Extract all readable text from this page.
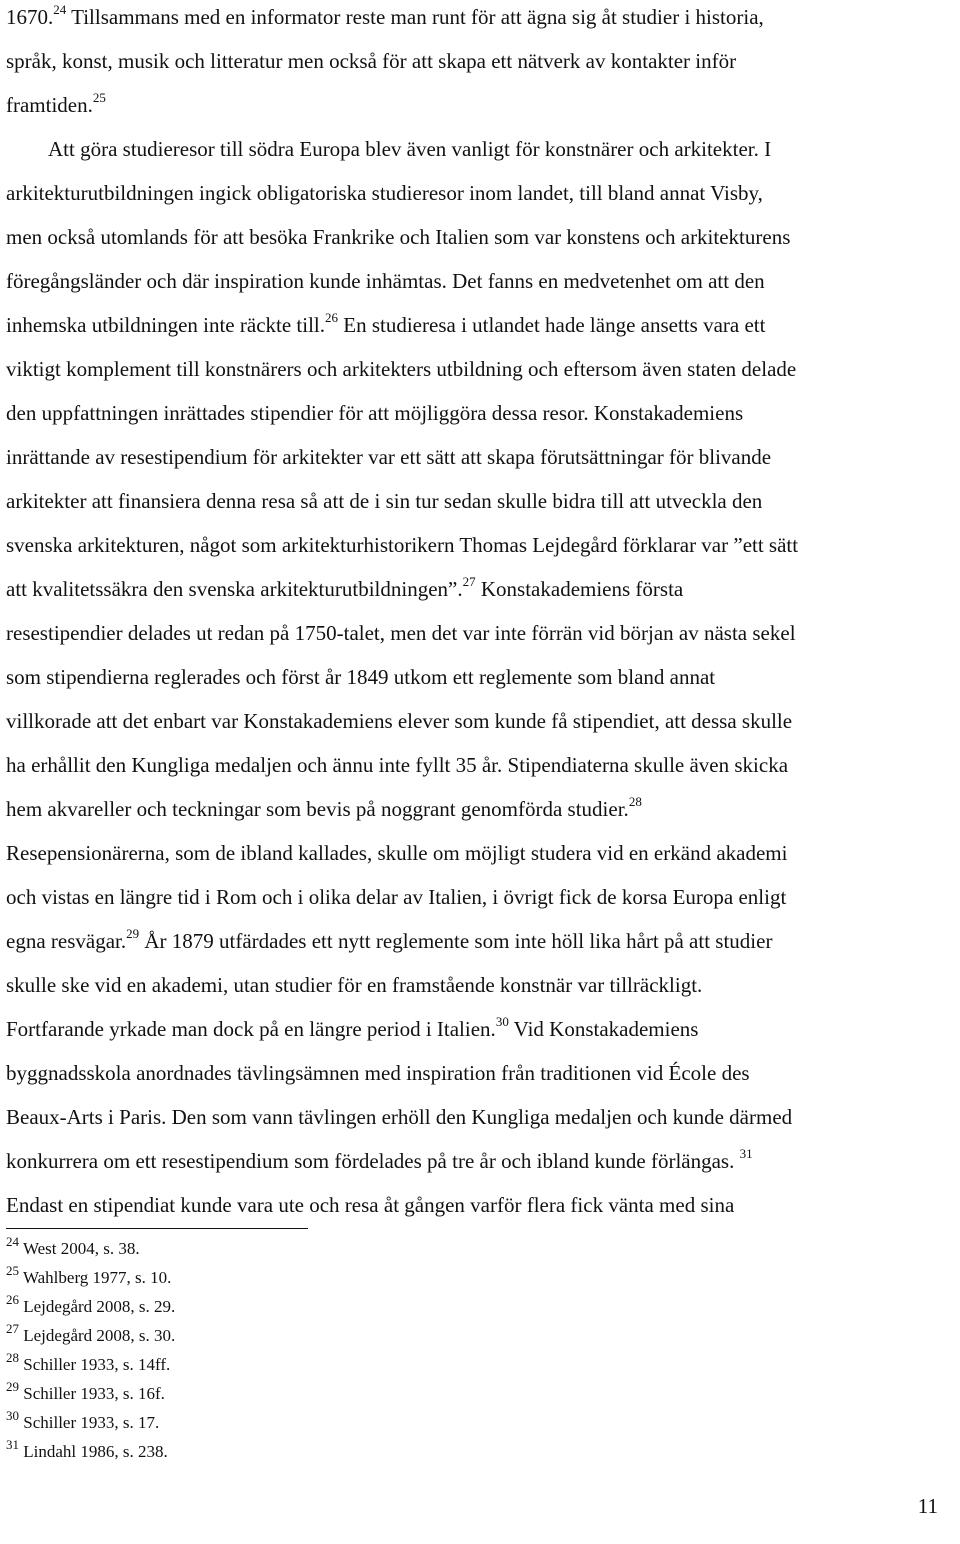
1670.24 Tillsammans med en informator reste man runt för att ägna sig åt studier i historia,
språk, konst, musik och litteratur men också för att skapa ett nätverk av kontakter inför
framtiden.$^{25}$
Att göra studieresor till södra Europa blev även vanligt för konstnärer och arkitekter. I
arkitekturutbildningen ingick obligatoriska studieresor inom landet, till bland annat Visby,
men också utomlands för att besöka Frankrike och Italien som var konstens och arkitekturens
föregångsländer och där inspiration kunde inhämtas. Det fanns en medvetenhet om att den
inhemska utbildningen inte räckte till.$^{26}$ En studieresa i utlandet hade länge ansetts vara ett
viktigt komplement till konstnärers och arkitekters utbildning och eftersom även staten delade
den uppfattningen inrättades stipendier för att möjliggöra dessa resor. Konstakademiens
inrättande av resestipendium för arkitekter var ett sätt att skapa förutsättningar för blivande
arkitekter att finansiera denna resa så att de i sin tur sedan skulle bidra till att utveckla den
svenska arkitekturen, något som arkitekturhistorikern Thomas Lejdegård förklarar var ”ett sätt
att kvalitetssäkra den svenska arkitekturutbildningen”.$^{27}$ Konstakademiens första
resestipendier delades ut redan på 1750-talet, men det var inte förrän vid början av nästa sekel
som stipendierna reglerades och först år 1849 utkom ett reglemente som bland annat
villkorade att det enbart var Konstakademiens elever som kunde få stipendiet, att dessa skulle
ha erhållit den Kungliga medaljen och ännu inte fyllt 35 år. Stipendiaterna skulle även skicka
hem akvareller och teckningar som bevis på noggrant genomförda studier.$^{28}$
Resepensionärerna, som de ibland kallades, skulle om möjligt studera vid en erkänd akademi
och vistas en längre tid i Rom och i olika delar av Italien, i övrigt fick de korsa Europa enligt
egna resvägar.$^{29}$ År 1879 utfärdades ett nytt reglemente som inte höll lika hårt på att studier
skulle ske vid en akademi, utan studier för en framstående konstnär var tillräckligt.
Fortfarande yrkade man dock på en längre period i Italien.$^{30}$ Vid Konstakademiens
byggnadsskola anordnades tävlingsämnen med inspiration från traditionen vid École des
Beaux-Arts i Paris. Den som vann tävlingen erhöll den Kungliga medaljen och kunde därmed
konkurrera om ett resestipendium som fördelades på tre år och ibland kunde förlängas. $^{31}$
Endast en stipendiat kunde vara ute och resa åt gången varför flera fick vänta med sina
$^{24}$ West 2004, s. 38.
$^{25}$ Wahlberg 1977, s. 10.
$^{26}$ Lejdegård 2008, s. 29.
$^{27}$ Lejdegård 2008, s. 30.
$^{28}$ Schiller 1933, s. 14ff.
$^{29}$ Schiller 1933, s. 16f.
$^{30}$ Schiller 1933, s. 17.
$^{31}$ Lindahl 1986, s. 238.
11
